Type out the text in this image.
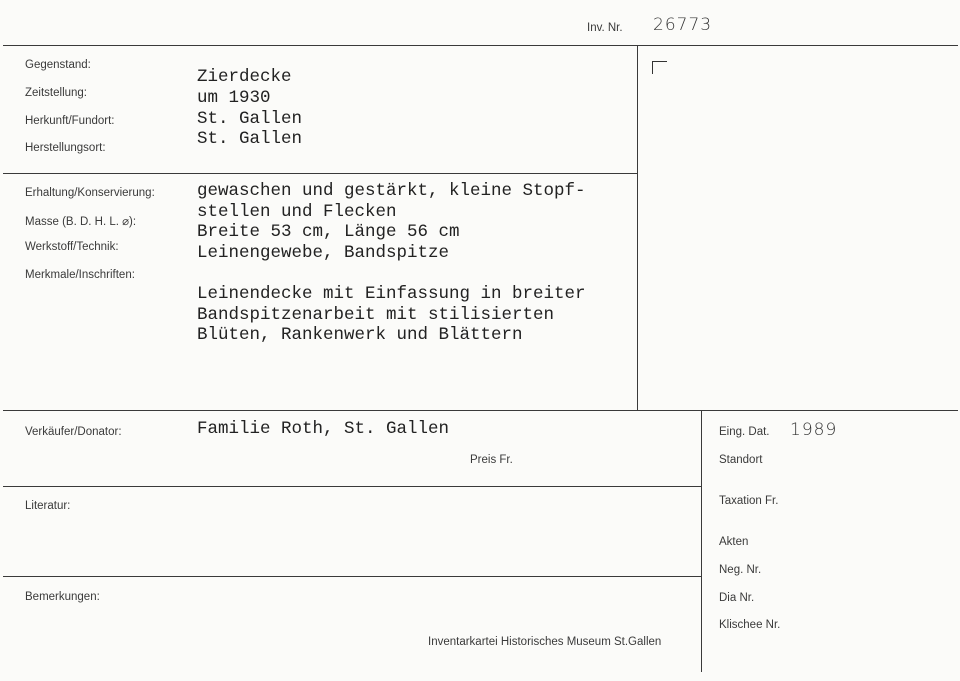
Inv. Nr. 26773
Gegenstand:
Zeitstellung:
Herkunft/Fundort:
Herstellungsort:
Zierdecke
um 1930
St. Gallen
St. Gallen
Erhaltung/Konservierung:
Masse (B. D. H. L. ⌀):
Werkstoff/Technik:
Merkmale/Inschriften:
gewaschen und gestärkt, kleine Stopf-
stellen und Flecken
Breite 53 cm, Länge 56 cm
Leinengewebe, Bandspitze
Leinendecke mit Einfassung in breiter
Bandspitzenarbeit mit stilisierten
Blüten, Rankenwerk und Blättern
Verkäufer/Donator:	Familie Roth, St. Gallen
Preis Fr.
Literatur:
Bemerkungen:
Inventarkartei Historisches Museum St.Gallen
Eing. Dat. 1989
Standort
Taxation Fr.
Akten
Neg. Nr.
Dia Nr.
Klischee Nr.
